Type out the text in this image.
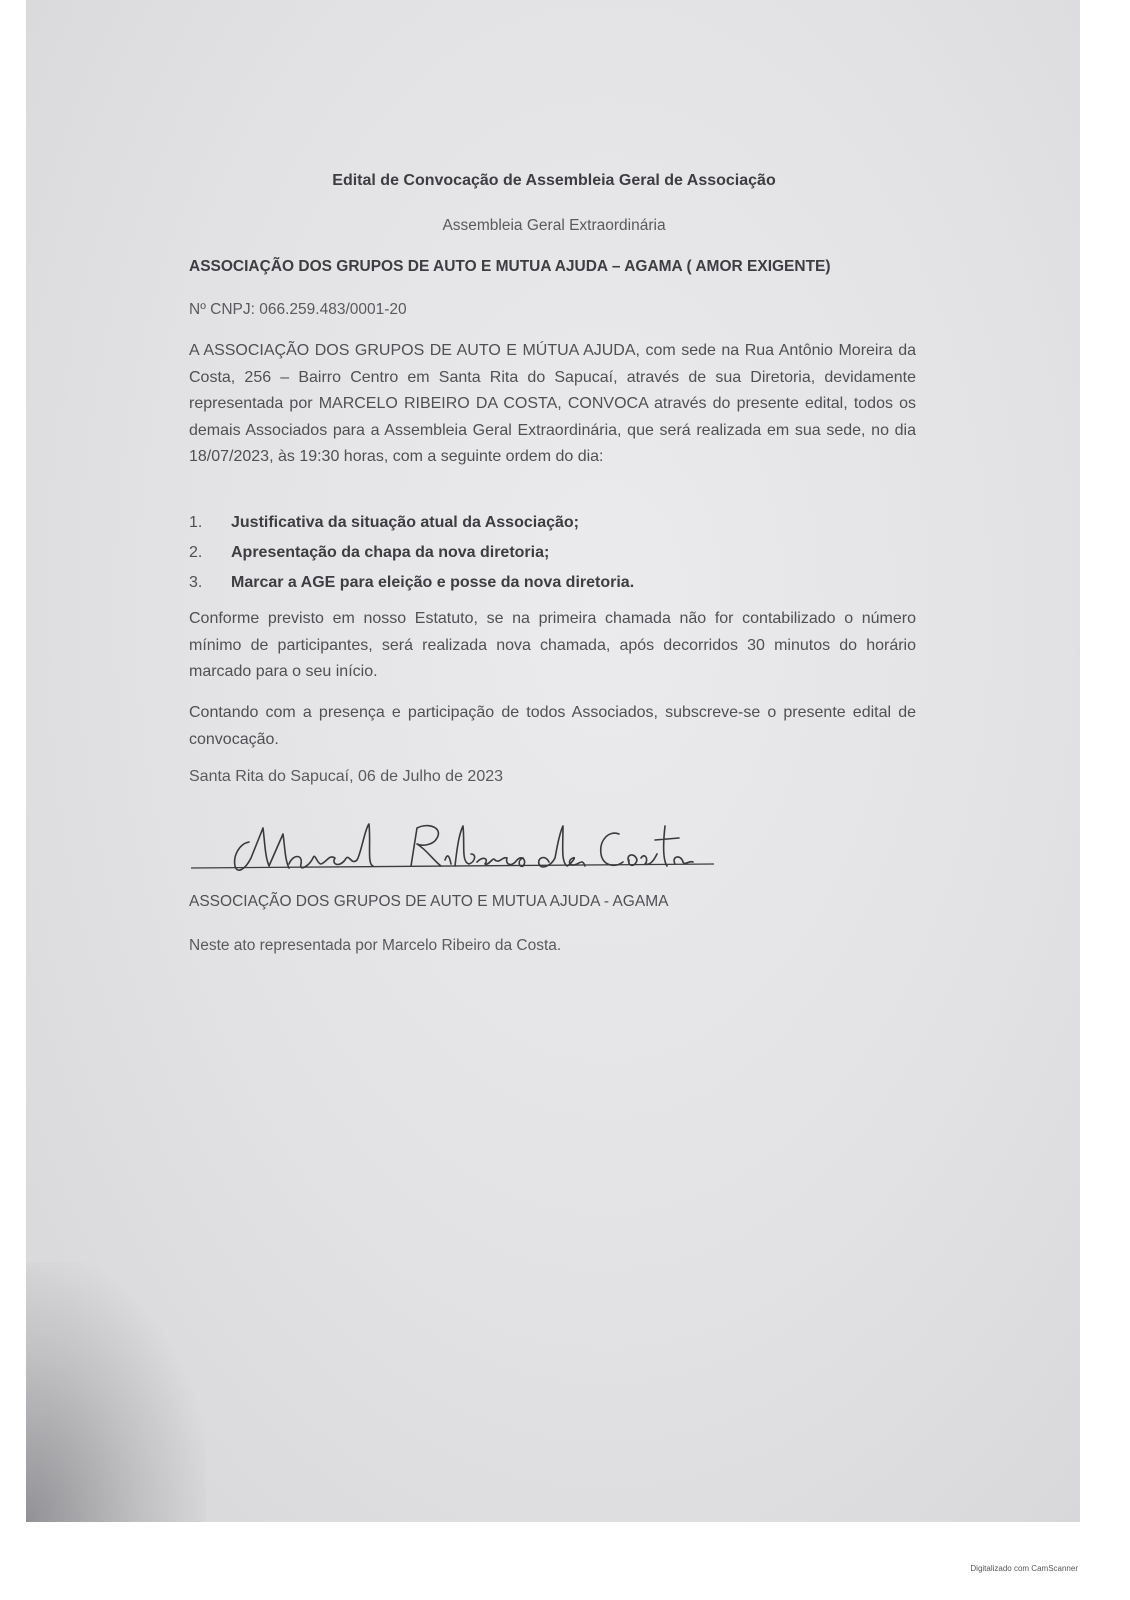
Edital de Convocação de Assembleia Geral de Associação
Assembleia Geral Extraordinária
ASSOCIAÇÃO DOS GRUPOS DE AUTO E MUTUA AJUDA – AGAMA ( AMOR EXIGENTE)
Nº CNPJ: 066.259.483/0001-20

A ASSOCIAÇÃO DOS GRUPOS DE AUTO E MÚTUA AJUDA, com sede na Rua Antônio Moreira da Costa, 256 – Bairro Centro em Santa Rita do Sapucaí, através de sua Diretoria, devidamente representada por MARCELO RIBEIRO DA COSTA, CONVOCA através do presente edital, todos os demais Associados para a Assembleia Geral Extraordinária, que será realizada em sua sede, no dia 18/07/2023, às 19:30 horas, com a seguinte ordem do dia:

1.	Justificativa da situação atual da Associação;
2.	Apresentação da chapa da nova diretoria;
3.	Marcar a AGE para eleição e posse da nova diretoria.

Conforme previsto em nosso Estatuto, se na primeira chamada não for contabilizado o número mínimo de participantes, será realizada nova chamada, após decorridos 30 minutos do horário marcado para o seu início.

Contando com a presença e participação de todos Associados, subscreve-se o presente edital de convocação.

Santa Rita do Sapucaí, 06 de Julho de 2023
ASSOCIAÇÃO DOS GRUPOS DE AUTO E MUTUA AJUDA - AGAMA
Neste ato representada por Marcelo Ribeiro da Costa.
Digitalizado com CamScanner
